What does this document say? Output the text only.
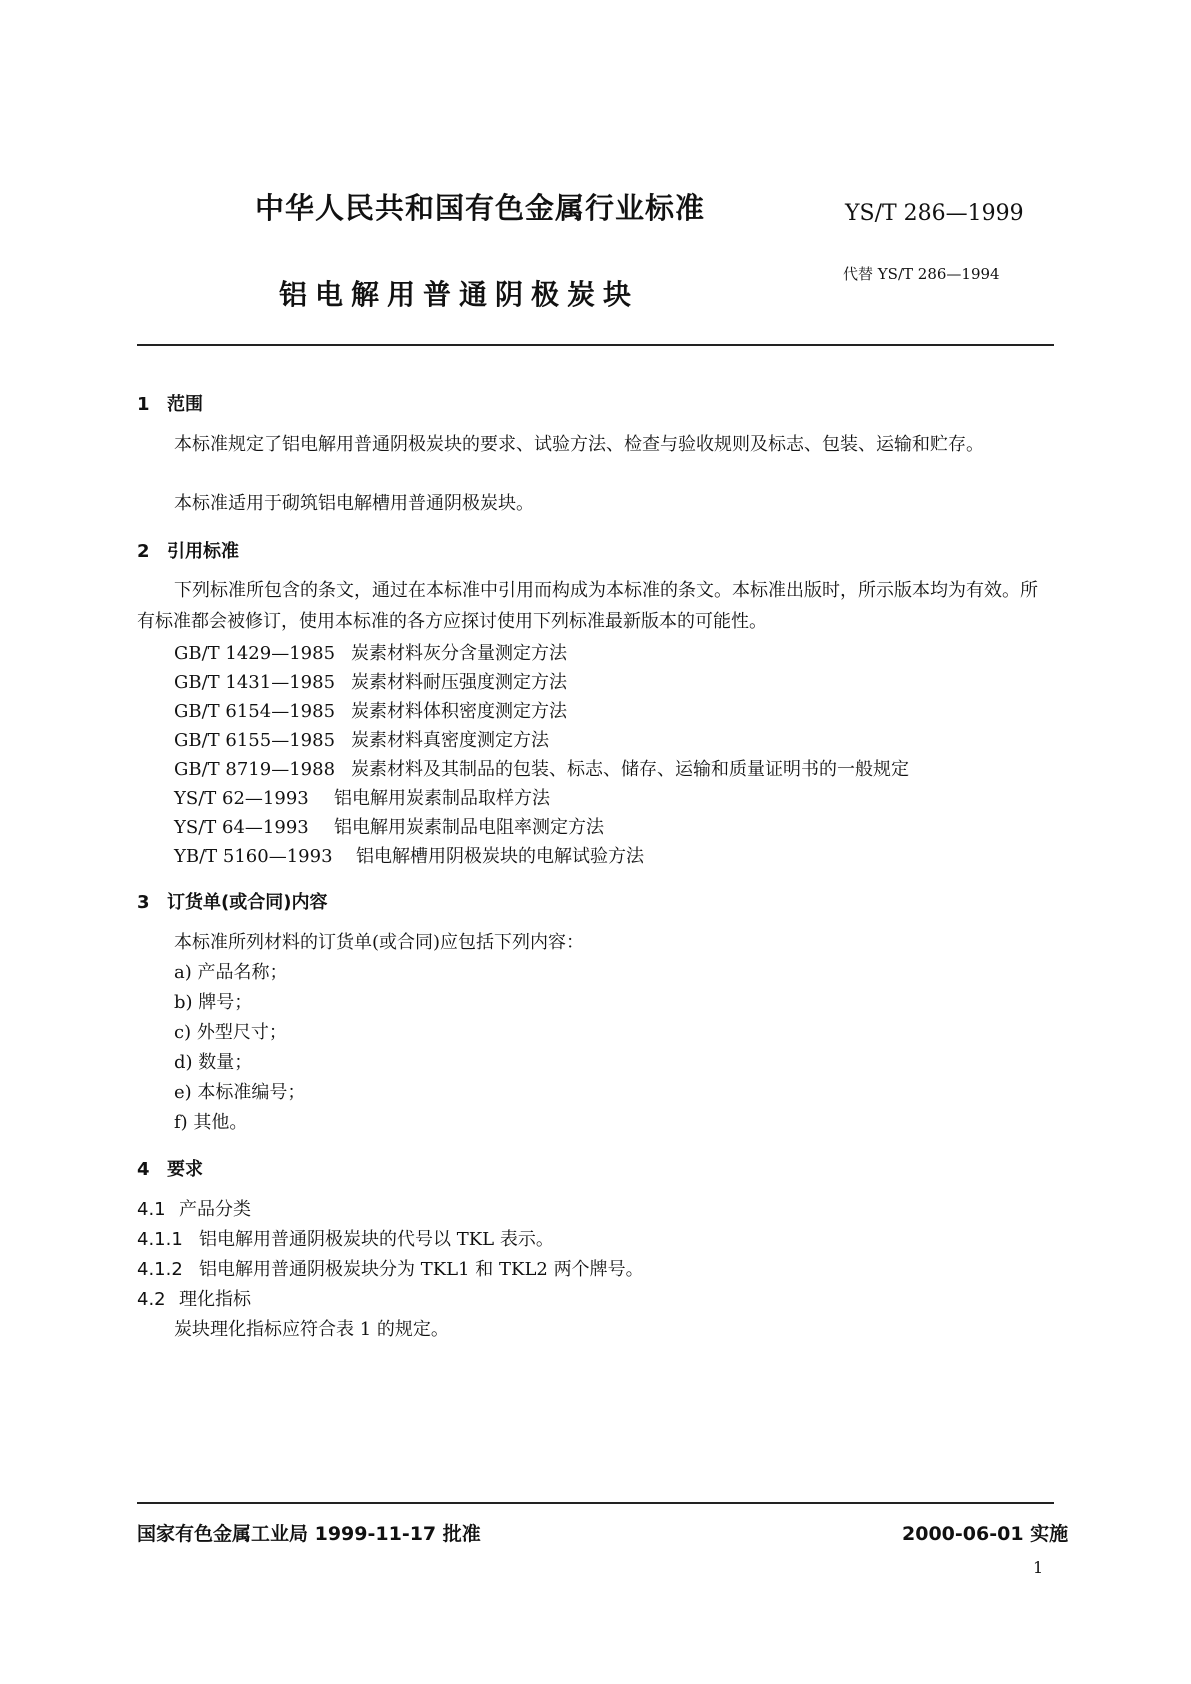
中华人民共和国有色金属行业标准	YS/T 286—1999
铝电解用普通阴极炭块
代替 YS/T 286—1994
1 范围
本标准规定了铝电解用普通阴极炭块的要求、试验方法、检查与验收规则及标志、包装、运输和贮存。
本标准适用于砌筑铝电解槽用普通阴极炭块。
2 引用标准
下列标准所包含的条文，通过在本标准中引用而构成为本标准的条文。本标准出版时，所示版本均为有效。所有标准都会被修订，使用本标准的各方应探讨使用下列标准最新版本的可能性。
GB/T 1429—1985 炭素材料灰分含量测定方法
GB/T 1431—1985 炭素材料耐压强度测定方法
GB/T 6154—1985 炭素材料体积密度测定方法
GB/T 6155—1985 炭素材料真密度测定方法
GB/T 8719—1988 炭素材料及其制品的包装、标志、储存、运输和质量证明书的一般规定
YS/T 62—1993 铝电解用炭素制品取样方法
YS/T 64—1993 铝电解用炭素制品电阻率测定方法
YB/T 5160—1993 铝电解槽用阴极炭块的电解试验方法
3 订货单(或合同)内容
本标准所列材料的订货单(或合同)应包括下列内容：
a) 产品名称；
b) 牌号；
c) 外型尺寸；
d) 数量；
e) 本标准编号；
f) 其他。
4 要求
4.1 产品分类
4.1.1 铝电解用普通阴极炭块的代号以 TKL 表示。
4.1.2 铝电解用普通阴极炭块分为 TKL1 和 TKL2 两个牌号。
4.2 理化指标
炭块理化指标应符合表 1 的规定。
国家有色金属工业局 1999-11-17 批准	2000-06-01 实施
1
